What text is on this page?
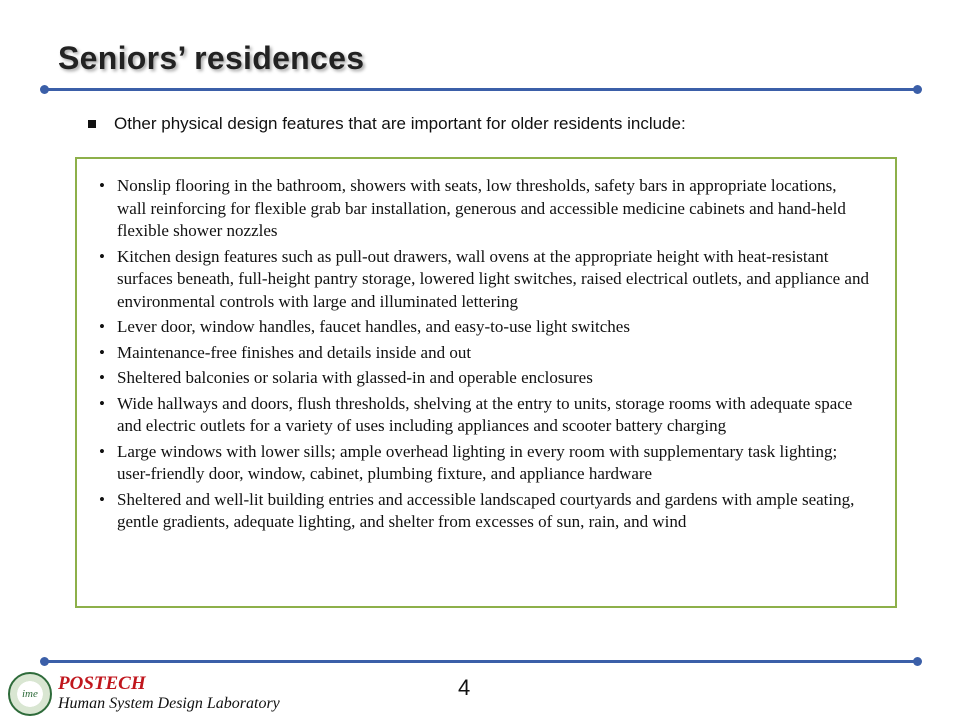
Seniors’ residences
Other physical design features that are important for older residents include:
• Nonslip flooring in the bathroom, showers with seats, low thresholds, safety bars in appropriate locations, wall reinforcing for flexible grab bar installation, generous and accessible medicine cabinets and hand-held flexible shower nozzles
• Kitchen design features such as pull-out drawers, wall ovens at the appropriate height with heat-resistant surfaces beneath, full-height pantry storage, lowered light switches, raised electrical outlets, and appliance and environmental controls with large and illuminated lettering
• Lever door, window handles, faucet handles, and easy-to-use light switches
• Maintenance-free finishes and details inside and out
• Sheltered balconies or solaria with glassed-in and operable enclosures
• Wide hallways and doors, flush thresholds, shelving at the entry to units, storage rooms with adequate space and electric outlets for a variety of uses including appliances and scooter battery charging
• Large windows with lower sills; ample overhead lighting in every room with supplementary task lighting; user-friendly door, window, cabinet, plumbing fixture, and appliance hardware
• Sheltered and well-lit building entries and accessible landscaped courtyards and gardens with ample seating, gentle gradients, adequate lighting, and shelter from excesses of sun, rain, and wind
ime POSTECH
Human System Design Laboratory
4
